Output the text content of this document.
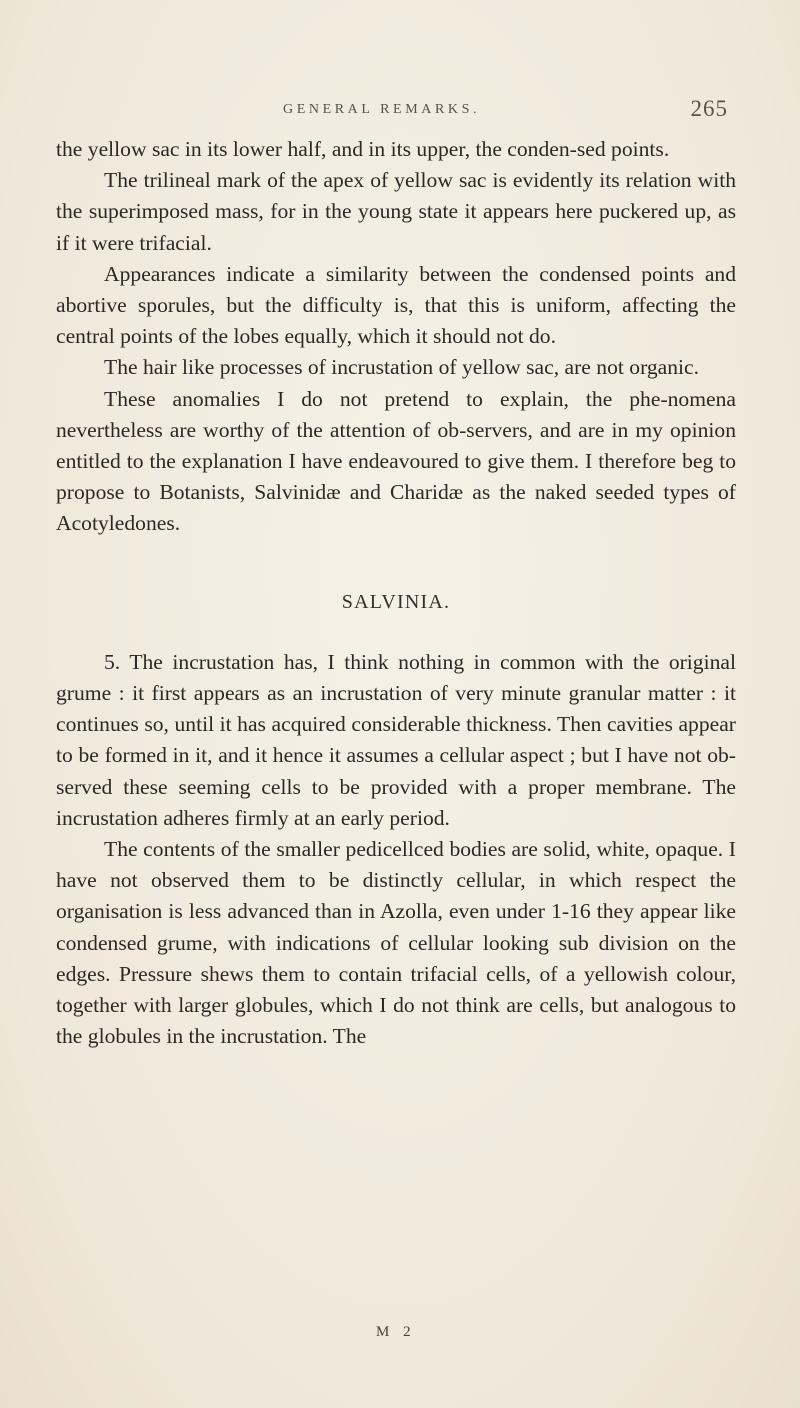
GENERAL REMARKS.	265

the yellow sac in its lower half, and in its upper, the conden-sed points.

The trilineal mark of the apex of yellow sac is evidently its relation with the superimposed mass, for in the young state it appears here puckered up, as if it were trifacial.

Appearances indicate a similarity between the condensed points and abortive sporules, but the difficulty is, that this is uniform, affecting the central points of the lobes equally, which it should not do.

The hair like processes of incrustation of yellow sac, are not organic.

These anomalies I do not pretend to explain, the phe-nomena nevertheless are worthy of the attention of ob-servers, and are in my opinion entitled to the explanation I have endeavoured to give them. I therefore beg to propose to Botanists, Salvinidæ and Charidæ as the naked seeded types of Acotyledones.

SALVINIA.

5. The incrustation has, I think nothing in common with the original grume : it first appears as an incrustation of very minute granular matter : it continues so, until it has acquired considerable thickness. Then cavities appear to be formed in it, and it hence it assumes a cellular aspect ; but I have not ob-served these seeming cells to be provided with a proper membrane. The incrustation adheres firmly at an early period.

The contents of the smaller pedicellced bodies are solid, white, opaque. I have not observed them to be distinctly cellular, in which respect the organisation is less advanced than in Azolla, even under 1-16 they appear like condensed grume, with indications of cellular looking sub division on the edges. Pressure shews them to contain trifacial cells, of a yellowish colour, together with larger globules, which I do not think are cells, but analogous to the globules in the incrustation. The

M 2
